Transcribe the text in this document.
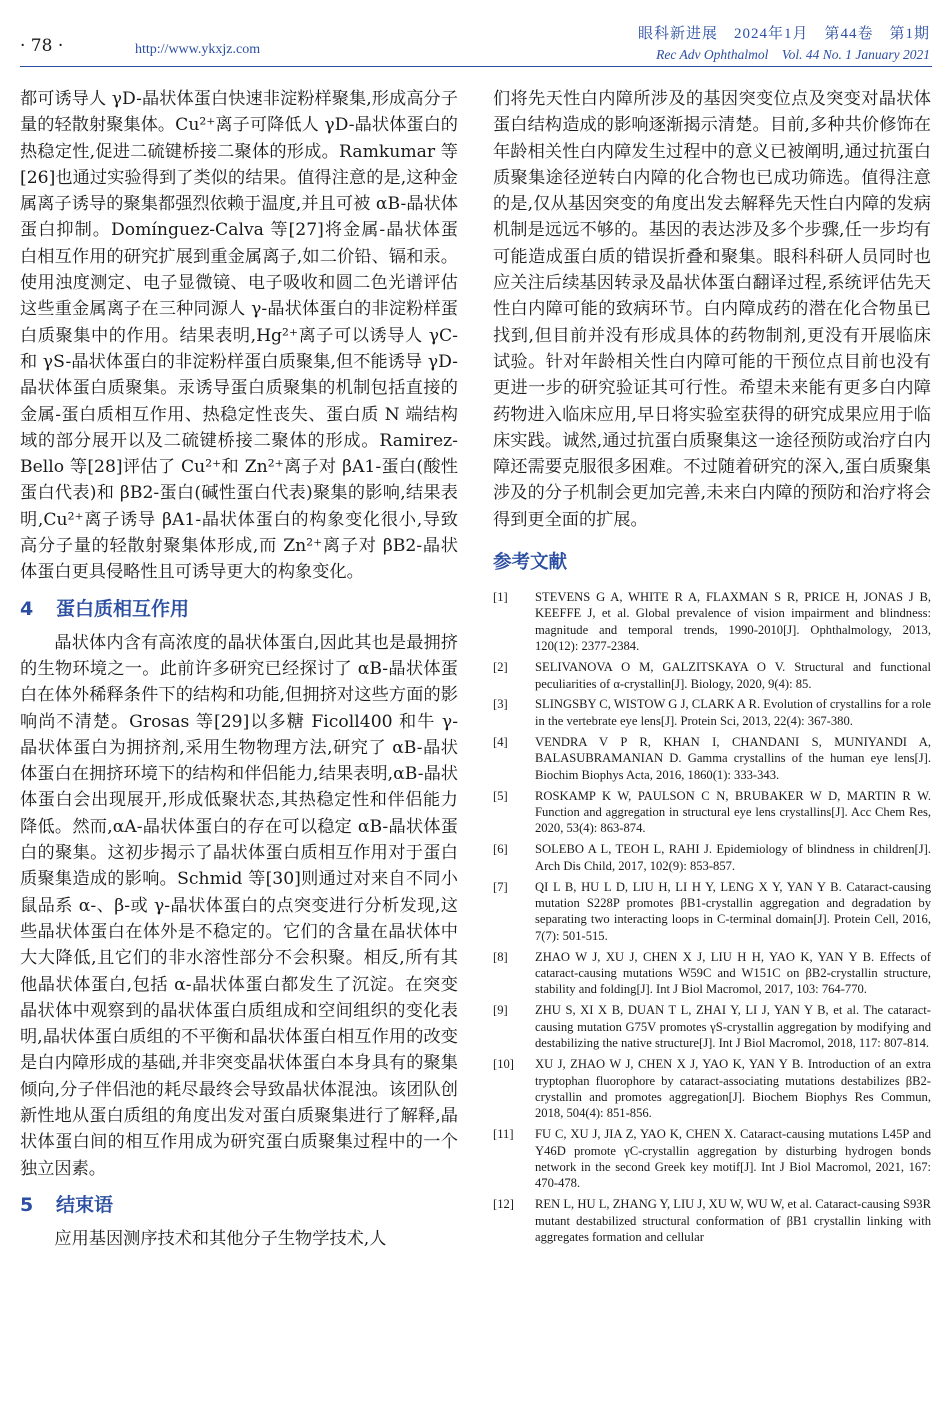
· 78 ·	http://www.ykxjz.com
眼科新进展　2024年1月　第44卷　第1期
Rec Adv Ophthalmol　Vol. 44 No. 1 January 2021

都可诱导人 γD-晶状体蛋白快速非淀粉样聚集,形成高分子量的轻散射聚集体。Cu²⁺离子可降低人 γD-晶状体蛋白的热稳定性,促进二硫键桥接二聚体的形成。Ramkumar 等[26]也通过实验得到了类似的结果。值得注意的是,这种金属离子诱导的聚集都强烈依赖于温度,并且可被 αB-晶状体蛋白抑制。Domínguez-Calva 等[27]将金属-晶状体蛋白相互作用的研究扩展到重金属离子,如二价铅、镉和汞。使用浊度测定、电子显微镜、电子吸收和圆二色光谱评估这些重金属离子在三种同源人 γ-晶状体蛋白的非淀粉样蛋白质聚集中的作用。结果表明,Hg²⁺离子可以诱导人 γC-和 γS-晶状体蛋白的非淀粉样蛋白质聚集,但不能诱导 γD-晶状体蛋白质聚集。汞诱导蛋白质聚集的机制包括直接的金属-蛋白质相互作用、热稳定性丧失、蛋白质 N 端结构域的部分展开以及二硫键桥接二聚体的形成。Ramirez-Bello 等[28]评估了 Cu²⁺和 Zn²⁺离子对 βA1-蛋白(酸性蛋白代表)和 βB2-蛋白(碱性蛋白代表)聚集的影响,结果表明,Cu²⁺离子诱导 βA1-晶状体蛋白的构象变化很小,导致高分子量的轻散射聚集体形成,而 Zn²⁺离子对 βB2-晶状体蛋白更具侵略性且可诱导更大的构象变化。

4 蛋白质相互作用

晶状体内含有高浓度的晶状体蛋白,因此其也是最拥挤的生物环境之一。此前许多研究已经探讨了 αB-晶状体蛋白在体外稀释条件下的结构和功能,但拥挤对这些方面的影响尚不清楚。Grosas 等[29]以多糖 Ficoll400 和牛 γ-晶状体蛋白为拥挤剂,采用生物物理方法,研究了 αB-晶状体蛋白在拥挤环境下的结构和伴侣能力,结果表明,αB-晶状体蛋白会出现展开,形成低聚状态,其热稳定性和伴侣能力降低。然而,αA-晶状体蛋白的存在可以稳定 αB-晶状体蛋白的聚集。这初步揭示了晶状体蛋白质相互作用对于蛋白质聚集造成的影响。Schmid 等[30]则通过对来自不同小鼠品系 α-、β-或 γ-晶状体蛋白的点突变进行分析发现,这些晶状体蛋白在体外是不稳定的。它们的含量在晶状体中大大降低,且它们的非水溶性部分不会积聚。相反,所有其他晶状体蛋白,包括 α-晶状体蛋白都发生了沉淀。在突变晶状体中观察到的晶状体蛋白质组成和空间组织的变化表明,晶状体蛋白质组的不平衡和晶状体蛋白相互作用的改变是白内障形成的基础,并非突变晶状体蛋白本身具有的聚集倾向,分子伴侣池的耗尽最终会导致晶状体混浊。该团队创新性地从蛋白质组的角度出发对蛋白质聚集进行了解释,晶状体蛋白间的相互作用成为研究蛋白质聚集过程中的一个独立因素。

5 结束语

应用基因测序技术和其他分子生物学技术,人

们将先天性白内障所涉及的基因突变位点及突变对晶状体蛋白结构造成的影响逐渐揭示清楚。目前,多种共价修饰在年龄相关性白内障发生过程中的意义已被阐明,通过抗蛋白质聚集途径逆转白内障的化合物也已成功筛选。值得注意的是,仅从基因突变的角度出发去解释先天性白内障的发病机制是远远不够的。基因的表达涉及多个步骤,任一步均有可能造成蛋白质的错误折叠和聚集。眼科科研人员同时也应关注后续基因转录及晶状体蛋白翻译过程,系统评估先天性白内障可能的致病环节。白内障成药的潜在化合物虽已找到,但目前并没有形成具体的药物制剂,更没有开展临床试验。针对年龄相关性白内障可能的干预位点目前也没有更进一步的研究验证其可行性。希望未来能有更多白内障药物进入临床应用,早日将实验室获得的研究成果应用于临床实践。诚然,通过抗蛋白质聚集这一途径预防或治疗白内障还需要克服很多困难。不过随着研究的深入,蛋白质聚集涉及的分子机制会更加完善,未来白内障的预防和治疗将会得到更全面的扩展。

参考文献
[1]	STEVENS G A, WHITE R A, FLAXMAN S R, PRICE H, JONAS J B, KEEFFE J, et al. Global prevalence of vision impairment and blindness: magnitude and temporal trends, 1990-2010[J]. Ophthalmology, 2013, 120(12): 2377-2384.
[2]	SELIVANOVA O M, GALZITSKAYA O V. Structural and functional peculiarities of α-crystallin[J]. Biology, 2020, 9(4): 85.
[3]	SLINGSBY C, WISTOW G J, CLARK A R. Evolution of crystallins for a role in the vertebrate eye lens[J]. Protein Sci, 2013, 22(4): 367-380.
[4]	VENDRA V P R, KHAN I, CHANDANI S, MUNIYANDI A, BALASUBRAMANIAN D. Gamma crystallins of the human eye lens[J]. Biochim Biophys Acta, 2016, 1860(1): 333-343.
[5]	ROSKAMP K W, PAULSON C N, BRUBAKER W D, MARTIN R W. Function and aggregation in structural eye lens crystallins[J]. Acc Chem Res, 2020, 53(4): 863-874.
[6]	SOLEBO A L, TEOH L, RAHI J. Epidemiology of blindness in children[J]. Arch Dis Child, 2017, 102(9): 853-857.
[7]	QI L B, HU L D, LIU H, LI H Y, LENG X Y, YAN Y B. Cataract-causing mutation S228P promotes βB1-crystallin aggregation and degradation by separating two interacting loops in C-terminal domain[J]. Protein Cell, 2016, 7(7): 501-515.
[8]	ZHAO W J, XU J, CHEN X J, LIU H H, YAO K, YAN Y B. Effects of cataract-causing mutations W59C and W151C on βB2-crystallin structure, stability and folding[J]. Int J Biol Macromol, 2017, 103: 764-770.
[9]	ZHU S, XI X B, DUAN T L, ZHAI Y, LI J, YAN Y B, et al. The cataract-causing mutation G75V promotes γS-crystallin aggregation by modifying and destabilizing the native structure[J]. Int J Biol Macromol, 2018, 117: 807-814.
[10]	XU J, ZHAO W J, CHEN X J, YAO K, YAN Y B. Introduction of an extra tryptophan fluorophore by cataract-associating mutations destabilizes βB2-crystallin and promotes aggregation[J]. Biochem Biophys Res Commun, 2018, 504(4): 851-856.
[11]	FU C, XU J, JIA Z, YAO K, CHEN X. Cataract-causing mutations L45P and Y46D promote γC-crystallin aggregation by disturbing hydrogen bonds network in the second Greek key motif[J]. Int J Biol Macromol, 2021, 167: 470-478.
[12]	REN L, HU L, ZHANG Y, LIU J, XU W, WU W, et al. Cataract-causing S93R mutant destabilized structural conformation of βB1 crystallin linking with aggregates formation and cellular
